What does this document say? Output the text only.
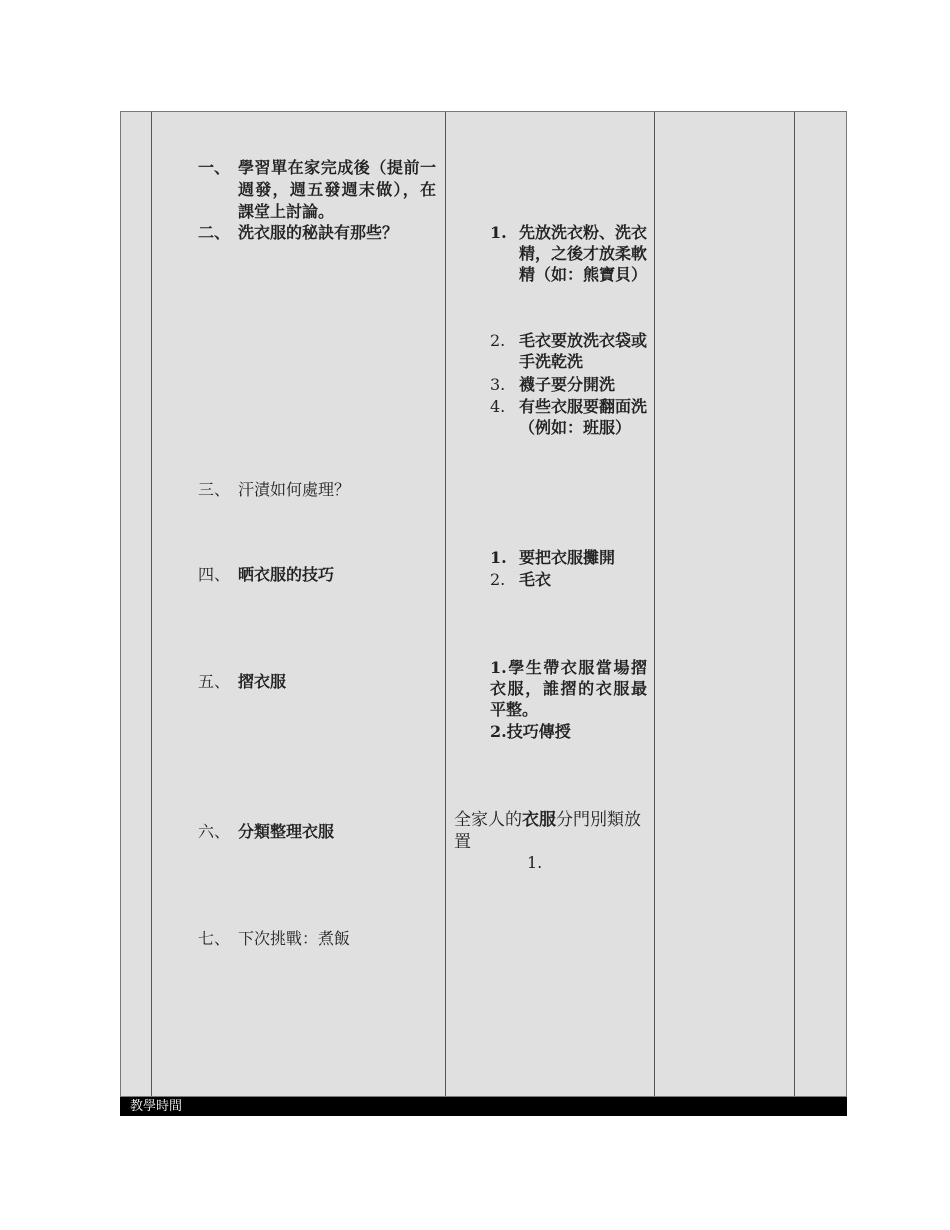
一、 學習單在家完成後（提前一週發，週五發週末做），在課堂上討論。
二、 洗衣服的秘訣有那些？
三、 汗漬如何處理？
四、 晒衣服的技巧
五、 摺衣服
六、 分類整理衣服
七、 下次挑戰：煮飯
1. 先放洗衣粉、洗衣精，之後才放柔軟精（如：熊寶貝）
2. 毛衣要放洗衣袋或手洗乾洗
3. 襪子要分開洗
4. 有些衣服要翻面洗（例如：班服）
1. 要把衣服攤開
2. 毛衣
1.學生帶衣服當場摺衣服，誰摺的衣服最平整。
2.技巧傳授
全家人的衣服分門別類放置
1.
教學時間
